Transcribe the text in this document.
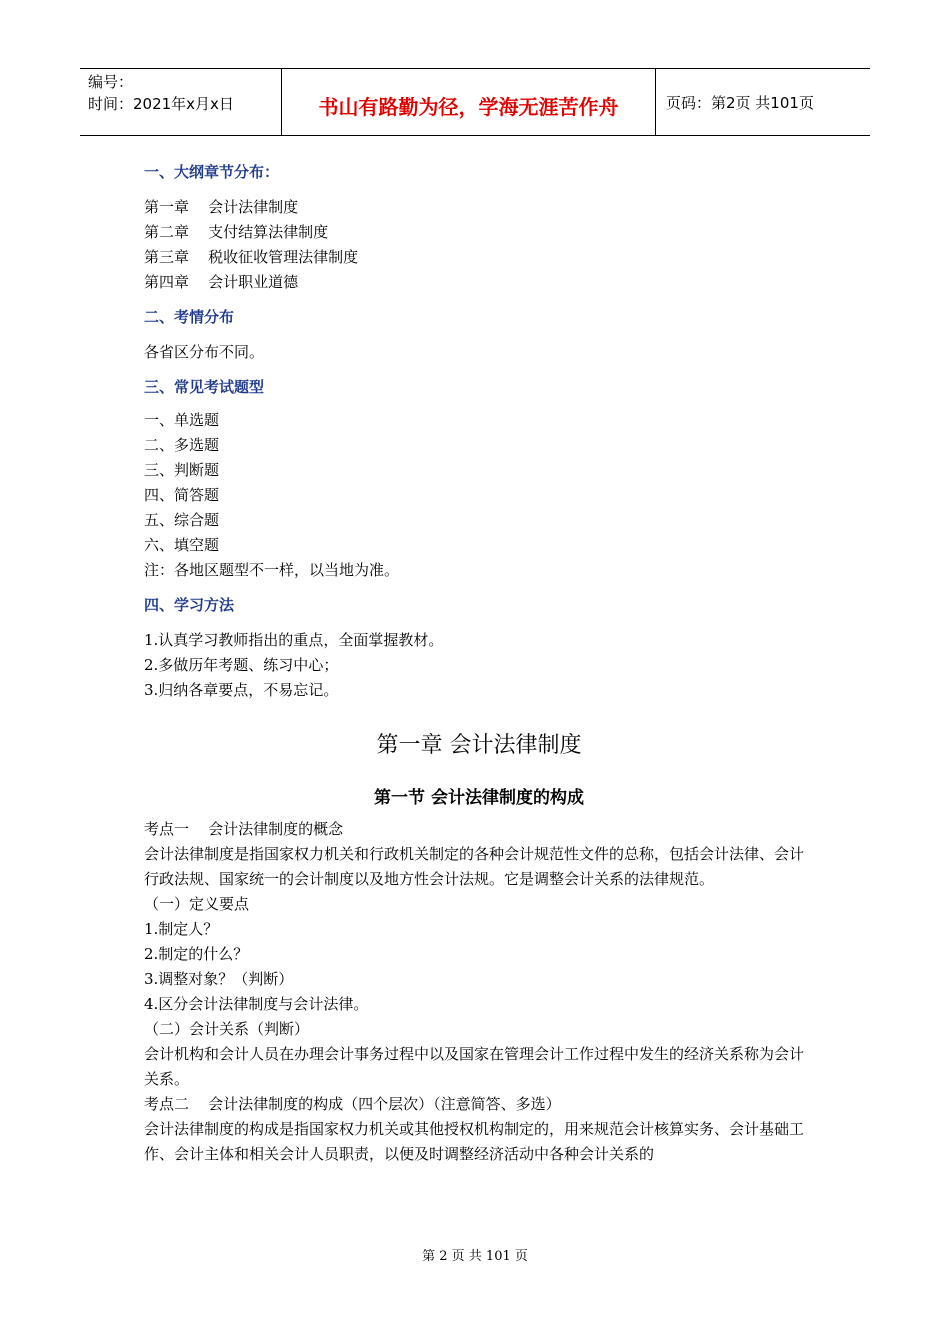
编号：
时间：2021年x月x日	书山有路勤为径，学海无涯苦作舟	页码：第2页 共101页

一、大纲章节分布：

第一章    会计法律制度

第二章    支付结算法律制度

第三章    税收征收管理法律制度

第四章    会计职业道德

二、考情分布

各省区分布不同。

三、常见考试题型

一、单选题

二、多选题

三、判断题

四、简答题

五、综合题

六、填空题

注：各地区题型不一样，以当地为准。

四、学习方法

1.认真学习教师指出的重点，全面掌握教材。

2.多做历年考题、练习中心；

3.归纳各章要点，不易忘记。

第一章 会计法律制度

第一节 会计法律制度的构成

考点一    会计法律制度的概念

会计法律制度是指国家权力机关和行政机关制定的各种会计规范性文件的总称，包括会计法律、会计行政法规、国家统一的会计制度以及地方性会计法规。它是调整会计关系的法律规范。

（一）定义要点

1.制定人？

2.制定的什么？

3.调整对象？（判断）

4.区分会计法律制度与会计法律。

（二）会计关系（判断）

会计机构和会计人员在办理会计事务过程中以及国家在管理会计工作过程中发生的经济关系称为会计关系。

考点二    会计法律制度的构成（四个层次）（注意简答、多选）

会计法律制度的构成是指国家权力机关或其他授权机构制定的，用来规范会计核算实务、会计基础工作、会计主体和相关会计人员职责，以便及时调整经济活动中各种会计关系的

第 2 页 共 101 页
